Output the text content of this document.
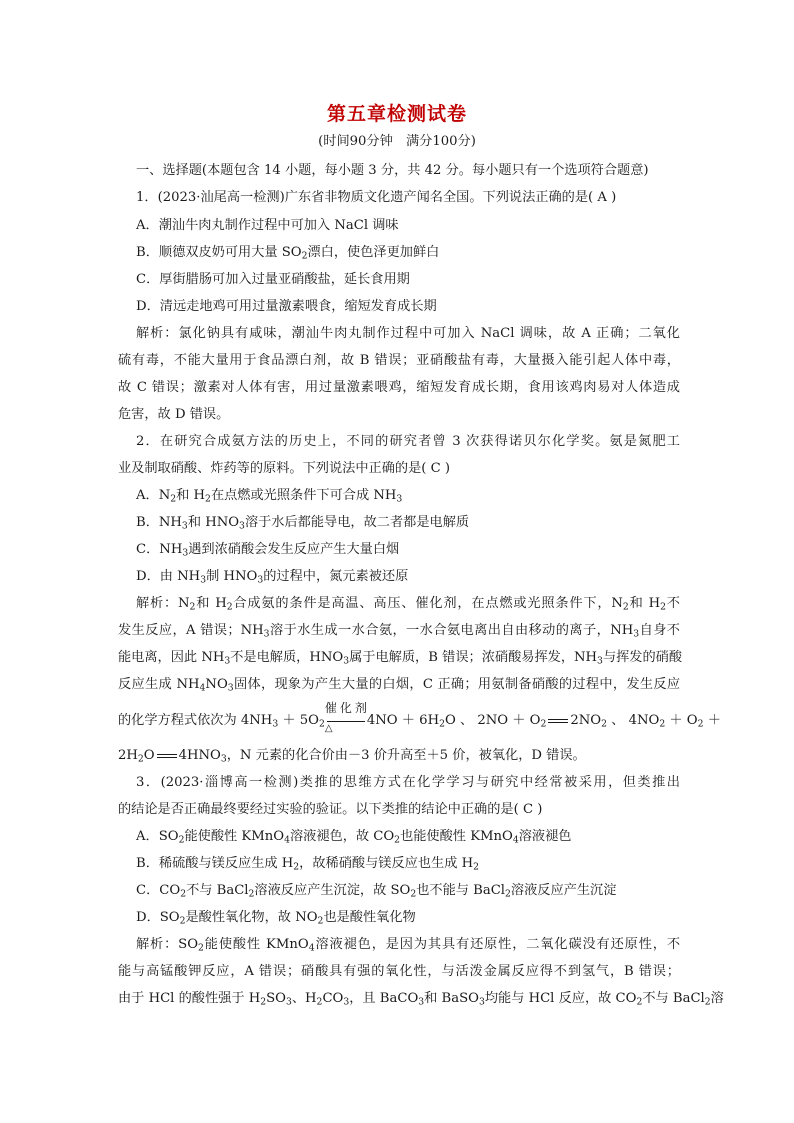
第五章检测试卷
(时间90分钟　满分100分)
一、选择题(本题包含 14 小题，每小题 3 分，共 42 分。每小题只有一个选项符合题意)
1．(2023·汕尾高一检测)广东省非物质文化遗产闻名全国。下列说法正确的是( A )
A．潮汕牛肉丸制作过程中可加入 NaCl 调味
B．顺德双皮奶可用大量 $SO_2$漂白，使色泽更加鲜白
C．厚街腊肠可加入过量亚硝酸盐，延长食用期
D．清远走地鸡可用过量激素喂食，缩短发育成长期
解析：氯化钠具有咸味，潮汕牛肉丸制作过程中可加入 NaCl 调味，故 A 正确；二氧化
硫有毒，不能大量用于食品漂白剂，故 B 错误；亚硝酸盐有毒，大量摄入能引起人体中毒，
故 C 错误；激素对人体有害，用过量激素喂鸡，缩短发育成长期，食用该鸡肉易对人体造成
危害，故 D 错误。
2．在研究合成氨方法的历史上，不同的研究者曾 3 次获得诺贝尔化学奖。氨是氮肥工
业及制取硝酸、炸药等的原料。下列说法中正确的是( C )
A．$N_2$和 $H_2$在点燃或光照条件下可合成 $NH_3$
B．$NH_3$和 $HNO_3$溶于水后都能导电，故二者都是电解质
C．$NH_3$遇到浓硝酸会发生反应产生大量白烟
D．由 $NH_3$制 $HNO_3$的过程中，氮元素被还原
解析：$N_2$和 $H_2$合成氨的条件是高温、高压、催化剂，在点燃或光照条件下，$N_2$和 $H_2$不
发生反应，A 错误；$NH_3$溶于水生成一水合氨，一水合氨电离出自由移动的离子，$NH_3$自身不
能电离，因此 $NH_3$不是电解质，$HNO_3$属于电解质，B 错误；浓硝酸易挥发，$NH_3$与挥发的硝酸
反应生成 $NH_4NO_3$固体，现象为产生大量的白烟，C 正确；用氨制备硝酸的过程中，发生反应
的化学方程式依次为 $4NH_3 + 5O_2$
催化剂
△
$4NO + 6H_2O$ 、 $2NO + O_2$ $2NO_2$ 、 $4NO_2 + O_2$ ＋
$2H_2O$ $4HNO_3$，N 元素的化合价由－3 价升高至＋5 价，被氧化，D 错误。
3．(2023·淄博高一检测)类推的思维方式在化学学习与研究中经常被采用，但类推出
的结论是否正确最终要经过实验的验证。以下类推的结论中正确的是( C )
A．$SO_2$能使酸性 KMnO$_4$溶液褪色，故 $CO_2$也能使酸性 KMnO$_4$溶液褪色
B．稀硫酸与镁反应生成 $H_2$，故稀硝酸与镁反应也生成 $H_2$
C．$CO_2$不与 BaCl$_2$溶液反应产生沉淀，故 $SO_2$也不能与 BaCl$_2$溶液反应产生沉淀
D．$SO_2$是酸性氧化物，故 $NO_2$也是酸性氧化物
解析：$SO_2$能使酸性 KMnO$_4$溶液褪色，是因为其具有还原性，二氧化碳没有还原性，不
能与高锰酸钾反应，A 错误；硝酸具有强的氧化性，与活泼金属反应得不到氢气，B 错误；
由于 HCl 的酸性强于 $H_2SO_3$、$H_2CO_3$，且 BaCO$_3$和 BaSO$_3$均能与 HCl 反应，故 $CO_2$不与 BaCl$_2$溶
